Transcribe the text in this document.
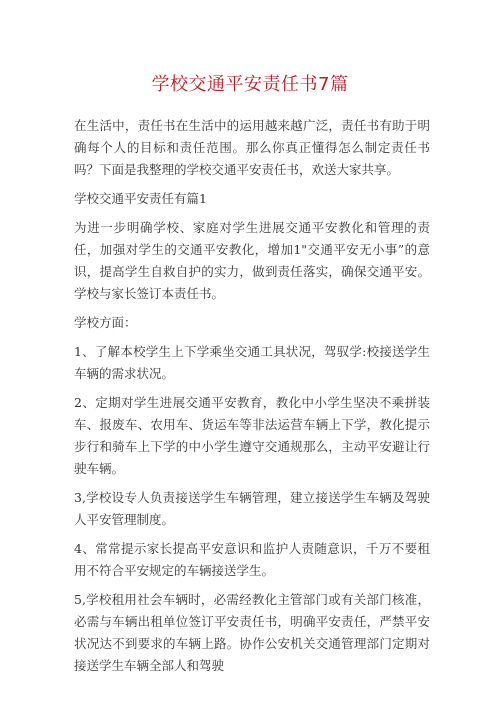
学校交通平安责任书7篇

在生活中，责任书在生活中的运用越来越广泛，责任书有助于明确每个人的目标和责任范围。那么你真正懂得怎么制定责任书吗？下面是我整理的学校交通平安责任书，欢送大家共享。

学校交通平安责任有篇1

为进一步明确学校、家庭对学生进展交通平安教化和管理的责任，加强对学生的交通平安教化，增加1"交通平安无小事”的意识，提高学生自救自护的实力，做到责任落实，确保交通平安。学校与家长签订本责任书。

学校方面：

1、了解本校学生上下学乘坐交通工具状况，驾驭学:校接送学生车辆的需求状况。

2、定期对学生进展交通平安教育，教化中小学生坚决不乘拼装车、报废车、农用车、货运车等非法运营车辆上下学，教化提示步行和骑车上下学的中小学生遵守交通规那么，主动平安避让行驶车辆。

3,学校设专人负责接送学生车辆管理，建立接送学生车辆及驾驶人平安管理制度。

4、常常提示家长提高平安意识和监护人责随意识，千万不要租用不符合平安规定的车辆接送学生。

5,学校租用社会车辆时，必需经教化主管部门或有关部门核准，必需与车辆出租单位签订平安责任书，明确平安责任，严禁平安状况达不到要求的车辆上路。协作公安机关交通管理部门定期对接送学生车辆全部人和驾驶
